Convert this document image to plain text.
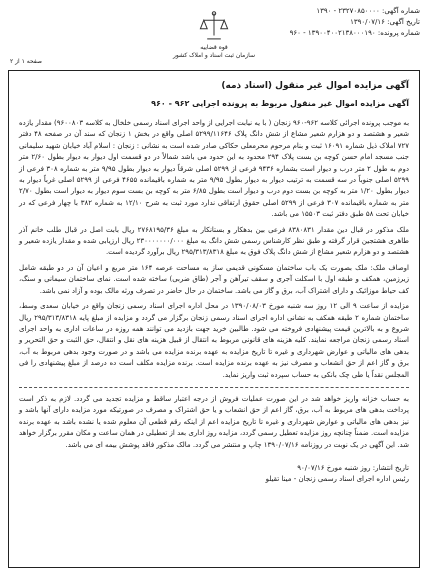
شماره آگهی: ۲۳۲۷۰۸۵۰۰۰۰ - ۱۳۹۰
تاریخ آگهی: ۱۳۹۰/۰۷/۱۶
شماره پرونده: ۱۳۹۰۰۴۰۰۲۱۳۸۰۰۰۱۹۰ - ۹۶۰
قوه قضاییه
سازمان ثبت اسناد و املاک کشور
صفحه ۱ از ۲
آگهی مزایده اموال غیر منقول (اسناد ذمه)
آگهی مزایده اموال غیر منقول مربوط به پرونده اجرایی ۹۶۲ - ۹۶۰

به موجب پرونده اجرائی کلاسه ۹۶۲-۹۶۰ زنجان ( با یه نیابت اجرایی از واحد اجرای اسناد رسمی خلخال به کلاسه ۹۶۰۰۸۰۳) مقدار یازده شعیر و هشتصد و دو هزارم شعیر مشاع از شش دانگ پلاک ۵۲۹۹/۱۱۶۴۶ اصلی واقع در بخش ۱ زنجان که سند آن در صفحه ۴۸ دفتر ۷۲۷ املاک ذیل شماره ۱۶۰۹۱ ثبت و بنام مرحوم محرمعلی حکاکی صادر شده است به نشانی : زنجان : اسلام آباد خیابان شهید سلیمانی جنب مسجد امام حسن کوچه بن بست پلاک ۲۹۴ محدود به این حدود می باشد شمالاً در دو قسمت اول دیوار به دیوار بطول ۲/۶۰ متر دوم به طول ۲ متر درب و دیوار است بشماره ۹۴۳۶ فرعی از ۵۲۹۹ اصلی شرقاً دیوار به دیوار بطول ۹/۹۵ متر به شماره ۳۰۸ فرعی از ۵۲۹۹ اصلی جنوباً در سه قسمت به ترتیب دیوار به دیوار بطول ۹/۹۵ متر به شماره باقیمانده ۴۶۵۵ فرعی از ۵۲۹۹ اصلی غرباً دیوار به دیوار بطول ۱/۲۰ متر به کوچه بن بست دوم درب و دیوار است بطول ۶/۸۵ متر به کوچه بن بست سوم دیوار به دیوار است بطول ۲/۷۰ متر به شماره باقیمانده ۳۰۷ فرعی از ۵۲۹۹ اصلی حقوق ارتفاقی ندارد مورد ثبت به شرح ۱۲/۱۰ به شماره ۳۸۲ با چهار فرعی که در خیابان تحت ۵۸ طبق دفتر ثبت ۱۵۵۰۳ می باشد.

ملک مذکور در قبال دین مقدار ۸۳۸۰۸۳۱ فرعی بین بدهکار و بستانکار به مبلغ ۲۷۶۸۱۹۵/۳۶ ریال بابت اصل در قبال طلب خانم آذر طاهری هشتجین قرار گرفته و طبق نظر کارشناس رسمی شش دانگ به مبلغ ۲۳۰۰۰۰۰۰۰/۰۰۰ ریال ارزیابی شده و مقدار یازده شعیر و هشتصد و دو هزارم شعیر مشاع از شش دانگ پلاک فوق به مبلغ ۲۹۵/۳۱۳/۸۳۱۸ ریال برآورد گردیده است.

اوصاف ملک: ملک بصورت یک باب ساختمان مسکونی قدیمی ساز به مساحت عرصه ۱۶۴ متر مربع و اعیان آن در دو طبقه شامل زیرزمین، همکف و طبقه اول با اسکلت آجری و سقف تیرآهن و آجر (طاق ضربی) ساخته شده است. نمای ساختمان سیمانی و سنگ، کف حیاط موزائیک و دارای اشتراک آب، برق و گاز می باشد. ساختمان در حال حاضر در تصرف ورثه مالک بوده و آزاد نمی باشد.

مزایده از ساعت ۹ الی ۱۲ روز سه شنبه مورخ ۱۳۹۰/۰۸/۰۳ در محل اداره اجرای اسناد رسمی زنجان واقع در خیابان سعدی وسط، ساختمان شماره ۲ طبقه همکف به نشانی اداره اجرای اسناد رسمی زنجان برگزار می گردد و مزایده از مبلغ پایه ۲۹۵/۳۱۳/۸۳۱۸ ریال شروع و به بالاترین قیمت پیشنهادی فروخته می شود. طالبین خرید جهت بازدید می توانند همه روزه در ساعات اداری به واحد اجرای اسناد رسمی زنجان مراجعه نمایند. کلیه هزینه های قانونی مربوط به انتقال از قبیل هزینه های نقل و انتقال، حق الثبت و حق التحریر و بدهی های مالیاتی و عوارض شهرداری و غیره تا تاریخ مزایده به عهده برنده مزایده می باشد و در صورت وجود بدهی مربوط به آب، برق و گاز اعم از حق انشعاب و مصرف نیز به عهده برنده مزایده است. برنده مزایده مکلف است ده درصد از مبلغ پیشنهادی را فی المجلس نقداً یا طی چک بانکی به حساب سپرده ثبت واریز نماید.

به حساب خزانه واریز خواهد شد در این صورت عملیات فروش از درجه اعتبار ساقط و مزایده تجدید می گردد. لازم به ذکر است پرداخت بدهی های مربوط به آب، برق، گاز اعم از حق انشعاب و یا حق اشتراک و مصرف در صورتیکه مورد مزایده دارای آنها باشد و نیز بدهی های مالیاتی و عوارض شهرداری و غیره تا تاریخ مزایده اعم از اینکه رقم قطعی آن معلوم شده یا نشده باشد به عهده برنده مزایده است. ضمناً چنانچه روز مزایده تعطیل رسمی گردد، مزایده روز اداری بعد از تعطیلی در همان ساعت و مکان مقرر برگزار خواهد شد. این آگهی در یک نوبت در روزنامه ۱۳۹۰/۰۷/۱۶ چاپ و منتشر می گردد. مالک مذکور فاقد پوشش بیمه ای می باشد.

تاریخ انتشار: روز شنبه مورخ ۹۰/۰۷/۱۶
رئیس اداره اجرای اسناد رسمی زنجان - مینا تقیلو
